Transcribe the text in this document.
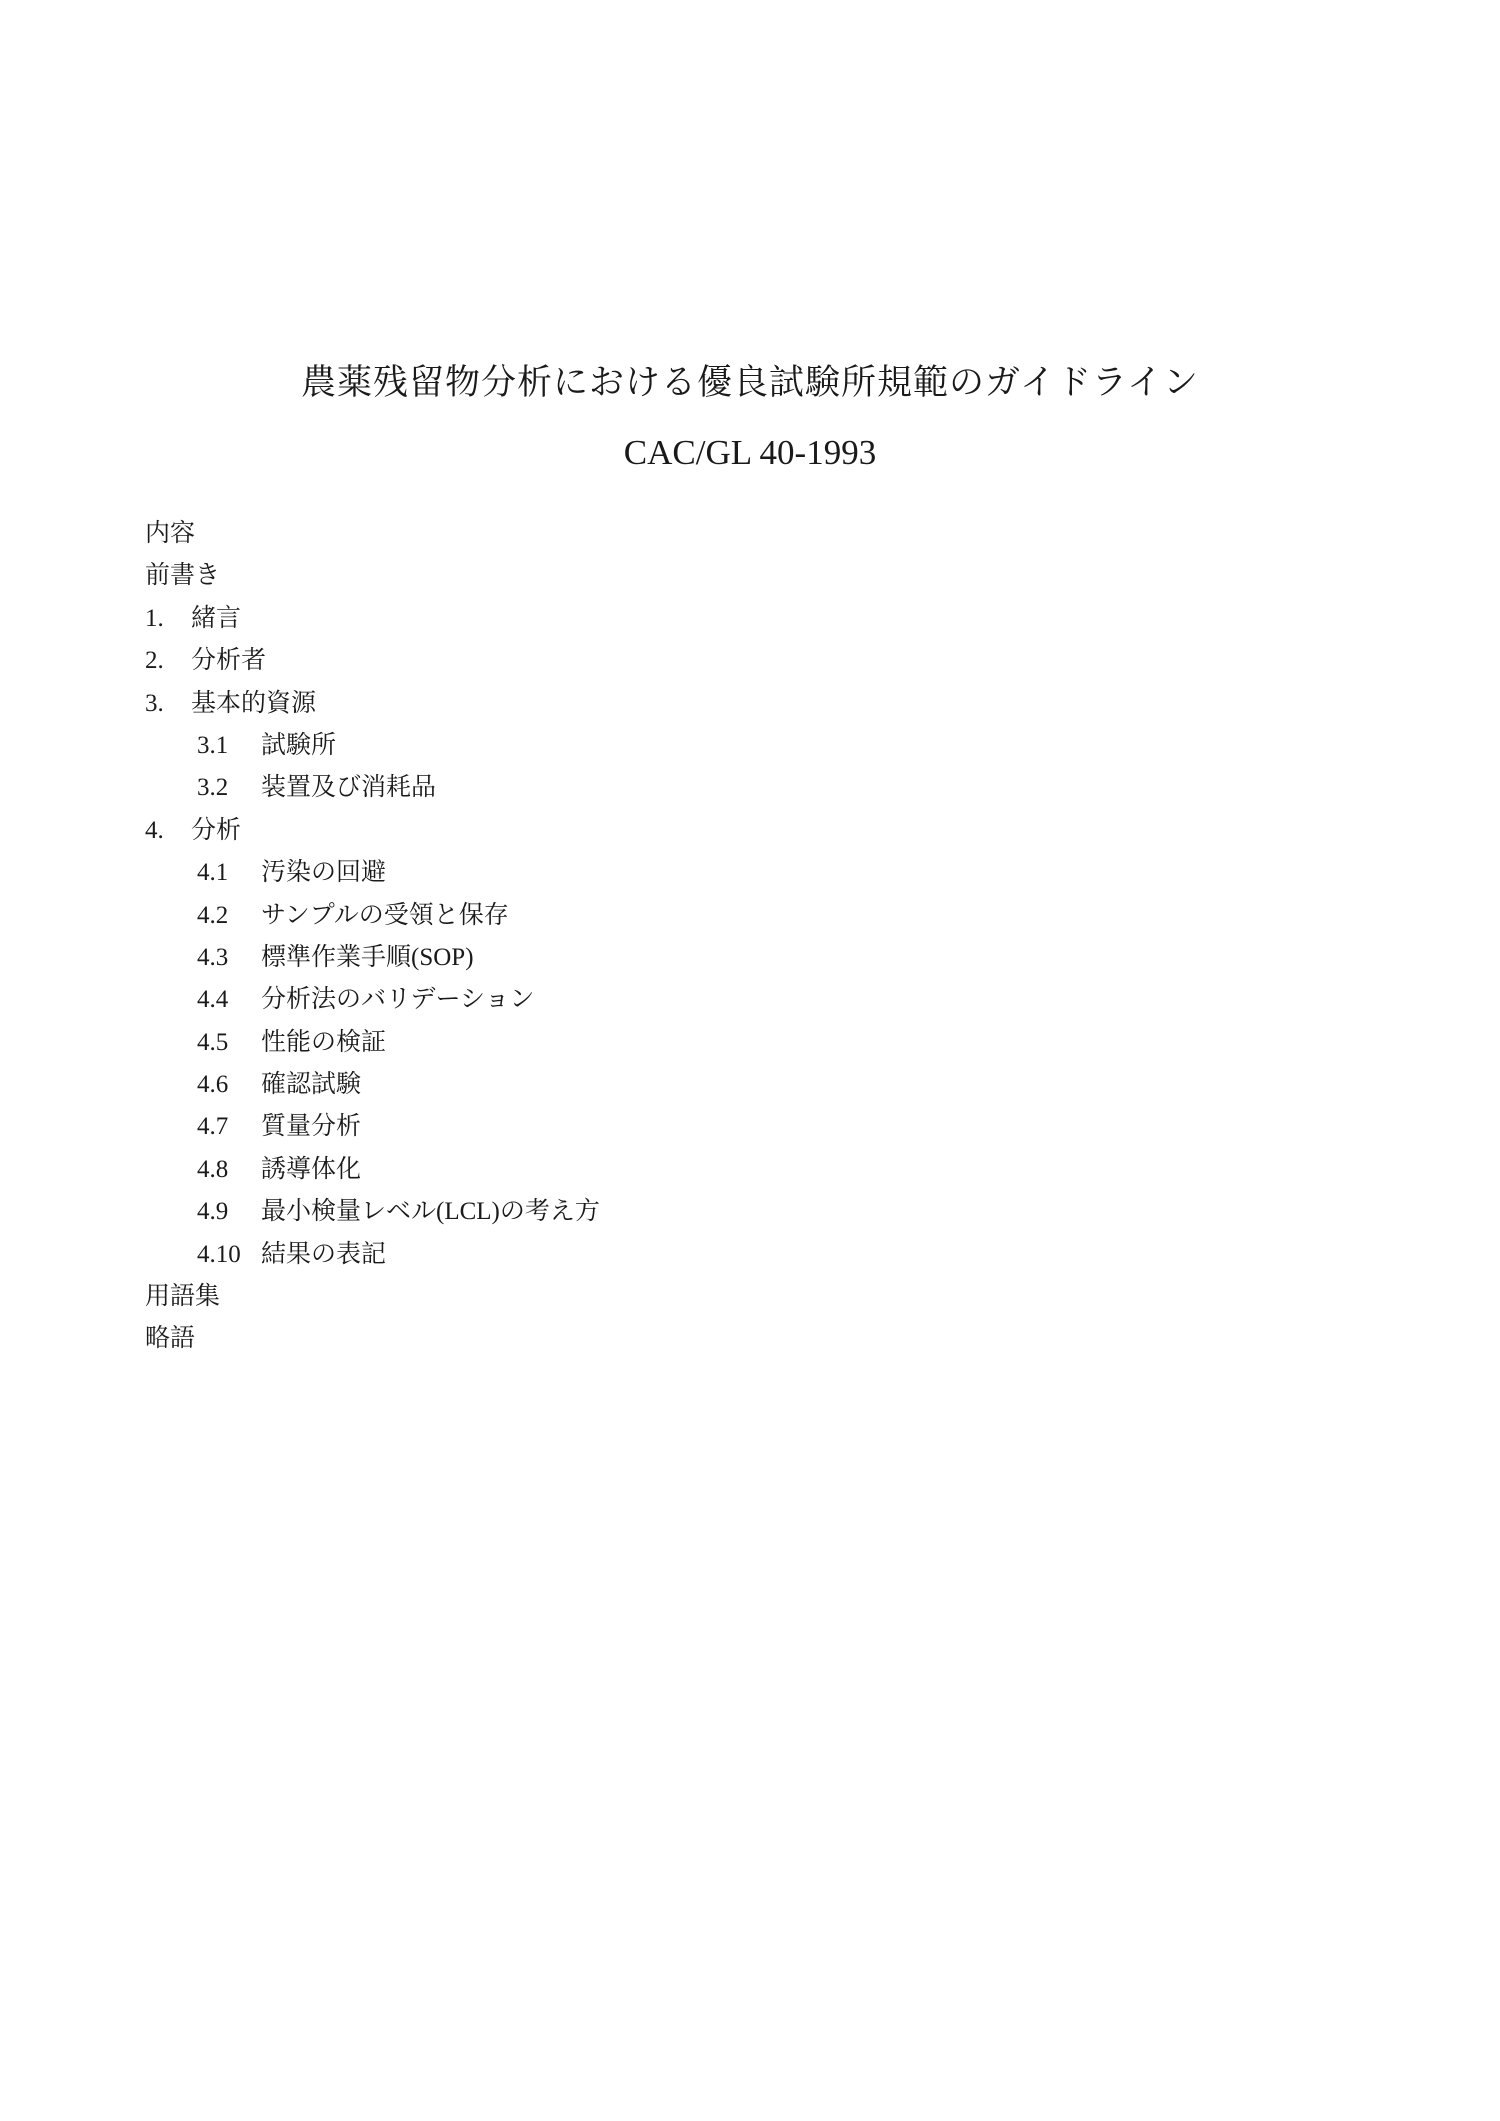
農薬残留物分析における優良試験所規範のガイドライン
CAC/GL 40-1993
内容
前書き
1. 緒言
2. 分析者
3. 基本的資源
3.1 試験所
3.2 装置及び消耗品
4. 分析
4.1 汚染の回避
4.2 サンプルの受領と保存
4.3 標準作業手順(SOP)
4.4 分析法のバリデーション
4.5 性能の検証
4.6 確認試験
4.7 質量分析
4.8 誘導体化
4.9 最小検量レベル(LCL)の考え方
4.10 結果の表記
用語集
略語
